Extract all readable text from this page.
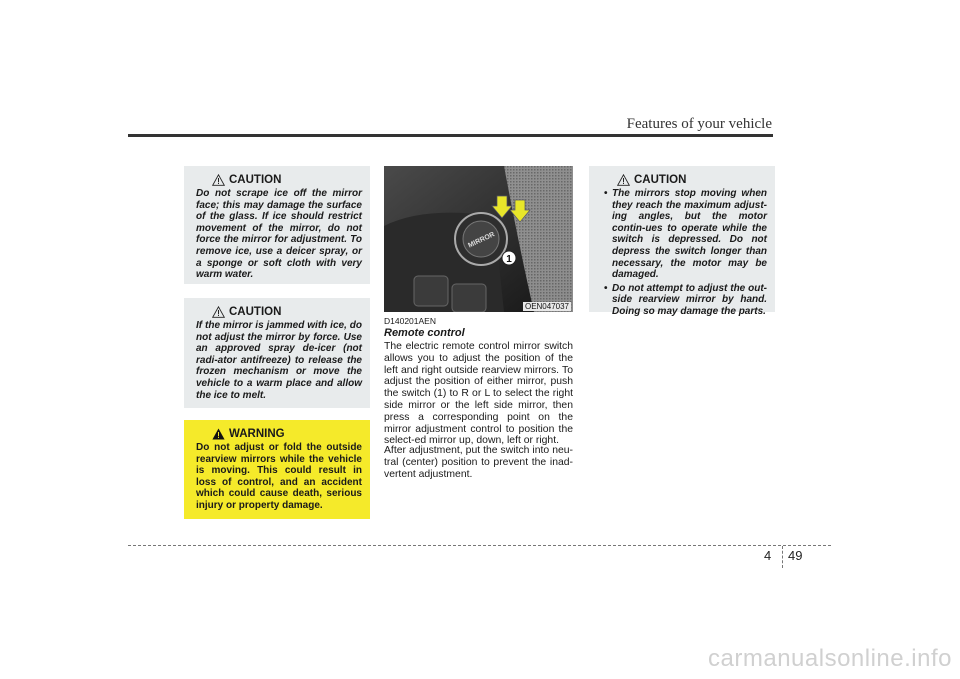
Features of your vehicle
CAUTION

Do not scrape ice off the mirror face; this may damage the surface of the glass. If ice should restrict movement of the mirror, do not force the mirror for adjustment. To remove ice, use a deicer spray, or a sponge or soft cloth with very warm water.

CAUTION

If the mirror is jammed with ice, do not adjust the mirror by force. Use an approved spray de-icer (not radi-ator antifreeze) to release the frozen mechanism or move the vehicle to a warm place and allow the ice to melt.

WARNING

Do not adjust or fold the outside rearview mirrors while the vehicle is moving. This could result in loss of control, and an accident which could cause death, serious injury or property damage.

MIRROR
1
OEN047037
D140201AEN
Remote control

The electric remote control mirror switch allows you to adjust the position of the left and right outside rearview mirrors. To adjust the position of either mirror, push the switch (1) to R or L to select the right side mirror or the left side mirror, then press a corresponding point on the mirror adjustment control to position the select-ed mirror up, down, left or right.

After adjustment, put the switch into neu-tral (center) position to prevent the inad-vertent adjustment.

CAUTION
• The mirrors stop moving when they reach the maximum adjust-ing angles, but the motor contin-ues to operate while the switch is depressed. Do not depress the switch longer than necessary, the motor may be damaged.
• Do not attempt to adjust the out-side rearview mirror by hand. Doing so may damage the parts.
4 49
carmanualsonline.info
